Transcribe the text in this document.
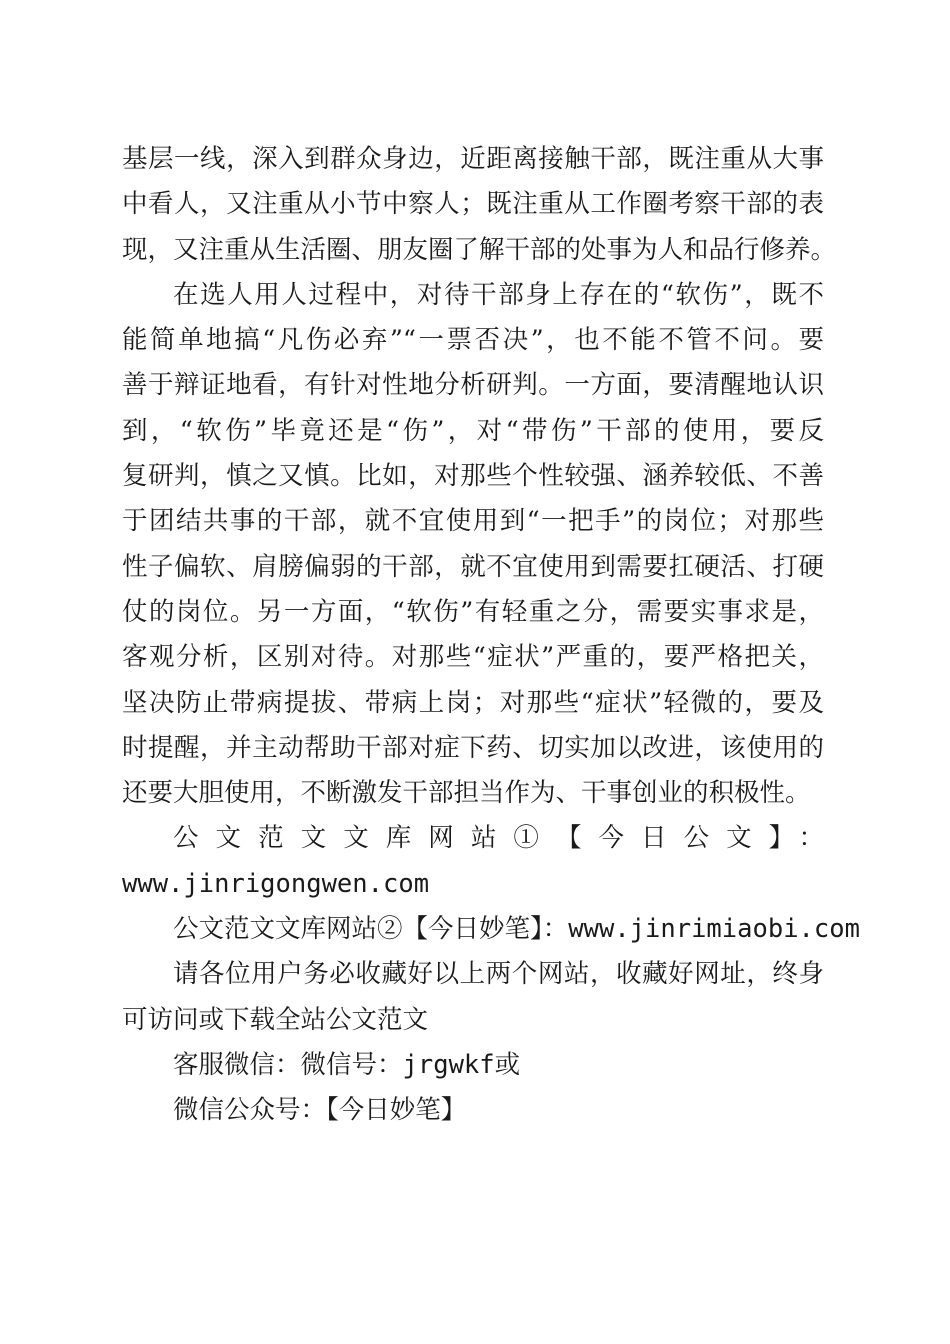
基层一线，深入到群众身边，近距离接触干部，既注重从大事
中看人，又注重从小节中察人；既注重从工作圈考察干部的表
现，又注重从生活圈、朋友圈了解干部的处事为人和品行修养。
在选人用人过程中，对待干部身上存在的“软伤”，既不
能简单地搞“凡伤必弃”“一票否决”，也不能不管不问。要
善于辩证地看，有针对性地分析研判。一方面，要清醒地认识
到，“软伤”毕竟还是“伤”，对“带伤”干部的使用，要反
复研判，慎之又慎。比如，对那些个性较强、涵养较低、不善
于团结共事的干部，就不宜使用到“一把手”的岗位；对那些
性子偏软、肩膀偏弱的干部，就不宜使用到需要扛硬活、打硬
仗的岗位。另一方面，“软伤”有轻重之分，需要实事求是，
客观分析，区别对待。对那些“症状”严重的，要严格把关，
坚决防止带病提拔、带病上岗；对那些“症状”轻微的，要及
时提醒，并主动帮助干部对症下药、切实加以改进，该使用的
还要大胆使用，不断激发干部担当作为、干事创业的积极性。
公文范文文库网站①【今日公文】：
www.jinrigongwen.com
公文范文文库网站②【今日妙笔】：www.jinrimiaobi.com
请各位用户务必收藏好以上两个网站，收藏好网址，终身
可访问或下载全站公文范文
客服微信：微信号：jrgwkf或
微信公众号：【今日妙笔】
